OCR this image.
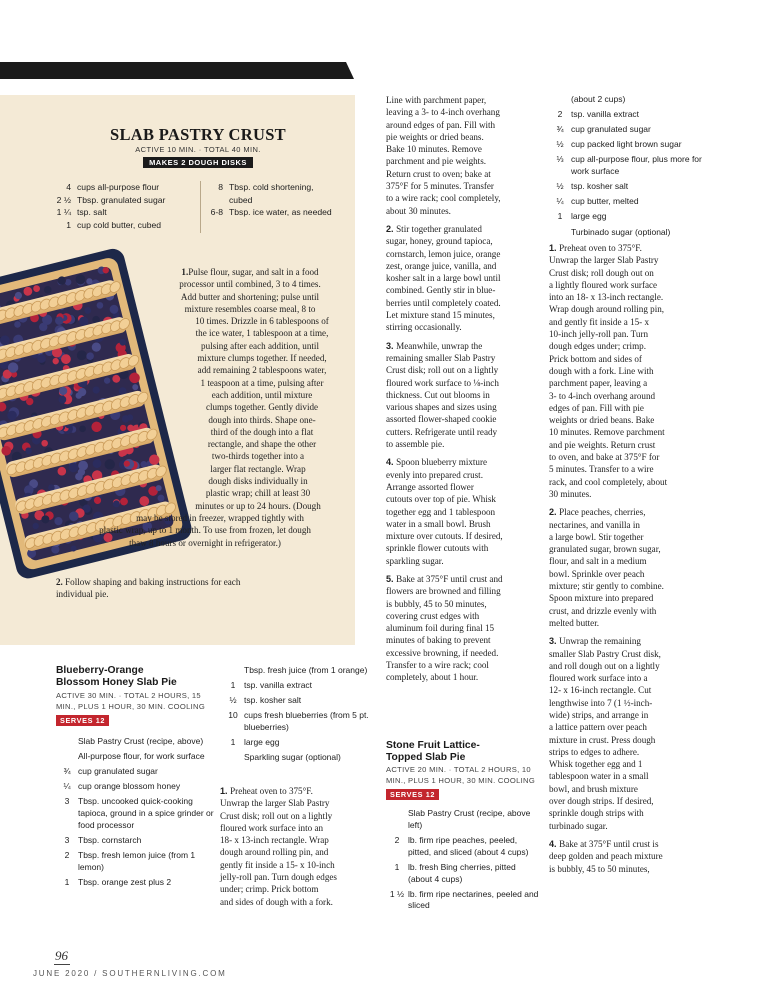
SLAB PASTRY CRUST
ACTIVE 10 MIN. · TOTAL 40 MIN.
MAKES 2 DOUGH DISKS
4 cups all-purpose flour
2 ½ Tbsp. granulated sugar
1 ¼ tsp. salt
1 cup cold butter, cubed
8 Tbsp. cold shortening, cubed
6-8 Tbsp. ice water, as needed
1. Pulse flour, sugar, and salt in a food
processor until combined, 3 to 4 times.
Add butter and shortening; pulse until
mixture resembles coarse meal, 8 to
10 times. Drizzle in 6 tablespoons of
the ice water, 1 tablespoon at a time,
pulsing after each addition, until
mixture clumps together. If needed,
add remaining 2 tablespoons water,
1 teaspoon at a time, pulsing after
each addition, until mixture
clumps together. Gently divide
dough into thirds. Shape one-
third of the dough into a flat
rectangle, and shape the other
two-thirds together into a
larger flat rectangle. Wrap
dough disks individually in
plastic wrap; chill at least 30
minutes or up to 24 hours. (Dough
may be stored in freezer, wrapped tightly with
plastic wrap, up to 1 month. To use from frozen, let dough
thaw 8 hours or overnight in refrigerator.)
2. Follow shaping and baking instructions for each
individual pie.
Blueberry-Orange
Blossom Honey Slab Pie
ACTIVE 30 MIN. · TOTAL 2 HOURS, 15
MIN., PLUS 1 HOUR, 30 MIN. COOLING
SERVES 12
Slab Pastry Crust (recipe, above)
All-purpose flour, for work surface
¾ cup granulated sugar
¼ cup orange blossom honey
3	Tbsp. uncooked quick-cooking tapioca, ground in a spice grinder or food processor
3	Tbsp. cornstarch
2	Tbsp. fresh lemon juice (from 1 lemon)
1	Tbsp. orange zest plus 2
Tbsp. fresh juice (from 1 orange)
1	tsp. vanilla extract
½ tsp. kosher salt
10 cups fresh blueberries (from 5 pt. blueberries)
1	large egg
Sparkling sugar (optional)

1. Preheat oven to 375°F.
Unwrap the larger Slab Pastry
Crust disk; roll out on a lightly
floured work surface into an
18- x 13-inch rectangle. Wrap
dough around rolling pin, and
gently fit inside a 15- x 10-inch
jelly-roll pan. Turn dough edges
under; crimp. Prick bottom
and sides of dough with a fork.

Line with parchment paper,
leaving a 3- to 4-inch overhang
around edges of pan. Fill with
pie weights or dried beans.
Bake 10 minutes. Remove
parchment and pie weights.
Return crust to oven; bake at
375°F for 5 minutes. Transfer
to a wire rack; cool completely,
about 30 minutes.

2. Stir together granulated
sugar, honey, ground tapioca,
cornstarch, lemon juice, orange
zest, orange juice, vanilla, and
kosher salt in a large bowl until
combined. Gently stir in blue-
berries until completely coated.
Let mixture stand 15 minutes,
stirring occasionally.

3. Meanwhile, unwrap the
remaining smaller Slab Pastry
Crust disk; roll out on a lightly
floured work surface to ⅛-inch
thickness. Cut out blooms in
various shapes and sizes using
assorted flower-shaped cookie
cutters. Refrigerate until ready
to assemble pie.

4. Spoon blueberry mixture
evenly into prepared crust.
Arrange assorted flower
cutouts over top of pie. Whisk
together egg and 1 tablespoon
water in a small bowl. Brush
mixture over cutouts. If desired,
sprinkle flower cutouts with
sparkling sugar.

5. Bake at 375°F until crust and
flowers are browned and filling
is bubbly, 45 to 50 minutes,
covering crust edges with
aluminum foil during final 15
minutes of baking to prevent
excessive browning, if needed.
Transfer to a wire rack; cool
completely, about 1 hour.

Stone Fruit Lattice-
Topped Slab Pie
ACTIVE 20 MIN. · TOTAL 2 HOURS, 10
MIN., PLUS 1 HOUR, 30 MIN. COOLING
SERVES 12
Slab Pastry Crust (recipe, above left)
2	lb. firm ripe peaches, peeled, pitted, and sliced (about 4 cups)
1	lb. fresh Bing cherries, pitted (about 4 cups)
1 ½ lb. firm ripe nectarines, peeled and sliced
(about 2 cups)
2	tsp. vanilla extract
¾ cup granulated sugar
½ cup packed light brown sugar
⅓ cup all-purpose flour, plus more for work surface
½ tsp. kosher salt
¼ cup butter, melted
1	large egg
Turbinado sugar (optional)

1. Preheat oven to 375°F.
Unwrap the larger Slab Pastry
Crust disk; roll dough out on
a lightly floured work surface
into an 18- x 13-inch rectangle.
Wrap dough around rolling pin,
and gently fit inside a 15- x
10-inch jelly-roll pan. Turn
dough edges under; crimp.
Prick bottom and sides of
dough with a fork. Line with
parchment paper, leaving a
3- to 4-inch overhang around
edges of pan. Fill with pie
weights or dried beans. Bake
10 minutes. Remove parchment
and pie weights. Return crust
to oven, and bake at 375°F for
5 minutes. Transfer to a wire
rack, and cool completely, about
30 minutes.

2. Place peaches, cherries,
nectarines, and vanilla in
a large bowl. Stir together
granulated sugar, brown sugar,
flour, and salt in a medium
bowl. Sprinkle over peach
mixture; stir gently to combine.
Spoon mixture into prepared
crust, and drizzle evenly with
melted butter.

3. Unwrap the remaining
smaller Slab Pastry Crust disk,
and roll dough out on a lightly
floured work surface into a
12- x 16-inch rectangle. Cut
lengthwise into 7 (1 ½-inch-
wide) strips, and arrange in
a lattice pattern over peach
mixture in crust. Press dough
strips to edges to adhere.
Whisk together egg and 1
tablespoon water in a small
bowl, and brush mixture
over dough strips. If desired,
sprinkle dough strips with
turbinado sugar.

4. Bake at 375°F until crust is
deep golden and peach mixture
is bubbly, 45 to 50 minutes,

96
JUNE 2020 / SOUTHERNLIVING.COM
